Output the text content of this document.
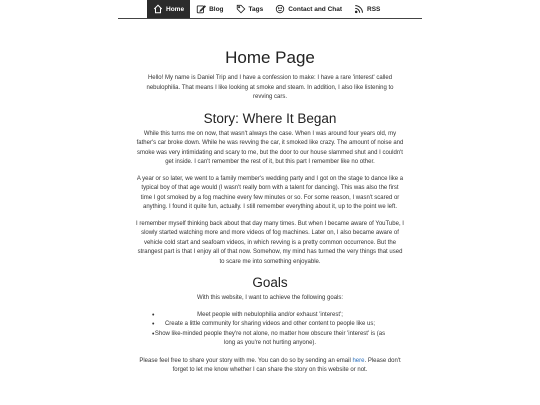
Home	Blog	Tags	Contact and Chat	RSS
Home Page

Hello! My name is Daniel Trip and I have a confession to make: I have a rare 'interest' called nebulophilia. That means I like looking at smoke and steam. In addition, I also like listening to revving cars.

Story: Where It Began

While this turns me on now, that wasn't always the case. When I was around four years old, my father's car broke down. While he was revving the car, it smoked like crazy. The amount of noise and smoke was very intimidating and scary to me, but the door to our house slammed shut and I couldn't get inside. I can't remember the rest of it, but this part I remember like no other.

A year or so later, we went to a family member's wedding party and I got on the stage to dance like a typical boy of that age would (I wasn't really born with a talent for dancing). This was also the first time I got smoked by a fog machine every few minutes or so. For some reason, I wasn't scared or anything. I found it quite fun, actually. I still remember everything about it, up to the point we left.

I remember myself thinking back about that day many times. But when I became aware of YouTube, I slowly started watching more and more videos of fog machines. Later on, I also became aware of vehicle cold start and seafoam videos, in which revving is a pretty common occurrence. But the strangest part is that I enjoy all of that now. Somehow, my mind has turned the very things that used to scare me into something enjoyable.

Goals

With this website, I want to achieve the following goals:

• Meet people with nebulophilia and/or exhaust 'interest';
• Create a little community for sharing videos and other content to people like us;
• Show like-minded people they're not alone, no matter how obscure their 'interest' is (as long as you're not hurting anyone).

Please feel free to share your story with me. You can do so by sending an email here. Please don't forget to let me know whether I can share the story on this website or not.
